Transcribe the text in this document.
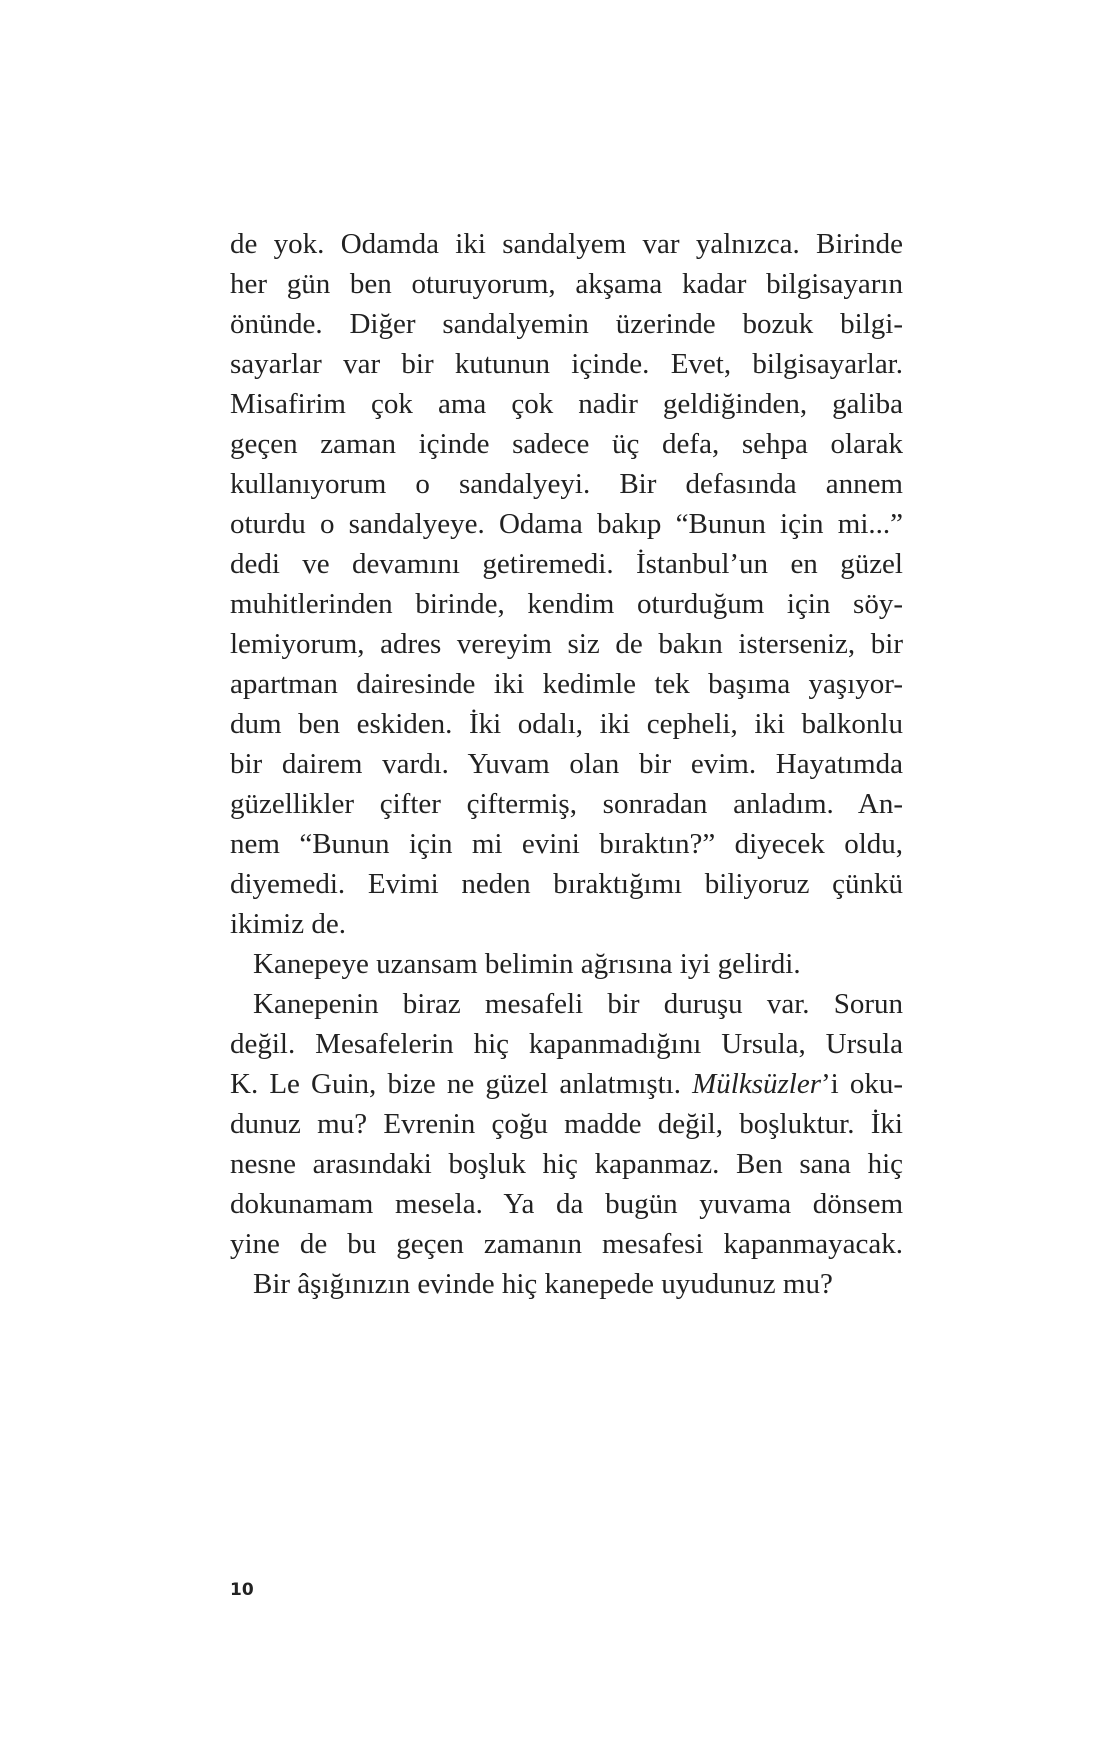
de yok. Odamda iki sandalyem var yalnızca. Birinde
her gün ben oturuyorum, akşama kadar bilgisayarın
önünde. Diğer sandalyemin üzerinde bozuk bilgi-
sayarlar var bir kutunun içinde. Evet, bilgisayarlar.
Misafirim çok ama çok nadir geldiğinden, galiba
geçen zaman içinde sadece üç defa, sehpa olarak
kullanıyorum o sandalyeyi. Bir defasında annem
oturdu o sandalyeye. Odama bakıp “Bunun için mi...”
dedi ve devamını getiremedi. İstanbul’un en güzel
muhitlerinden birinde, kendim oturduğum için söy-
lemiyorum, adres vereyim siz de bakın isterseniz, bir
apartman dairesinde iki kedimle tek başıma yaşıyor-
dum ben eskiden. İki odalı, iki cepheli, iki balkonlu
bir dairem vardı. Yuvam olan bir evim. Hayatımda
güzellikler çifter çiftermiş, sonradan anladım. An-
nem “Bunun için mi evini bıraktın?” diyecek oldu,
diyemedi. Evimi neden bıraktığımı biliyoruz çünkü
ikimiz de.
Kanepeye uzansam belimin ağrısına iyi gelirdi.
Kanepenin biraz mesafeli bir duruşu var. Sorun
değil. Mesafelerin hiç kapanmadığını Ursula, Ursula
K. Le Guin, bize ne güzel anlatmıştı. Mülksüzler’i oku-
dunuz mu? Evrenin çoğu madde değil, boşluktur. İki
nesne arasındaki boşluk hiç kapanmaz. Ben sana hiç
dokunamam mesela. Ya da bugün yuvama dönsem
yine de bu geçen zamanın mesafesi kapanmayacak.
Bir âşığınızın evinde hiç kanepede uyudunuz mu?
10
